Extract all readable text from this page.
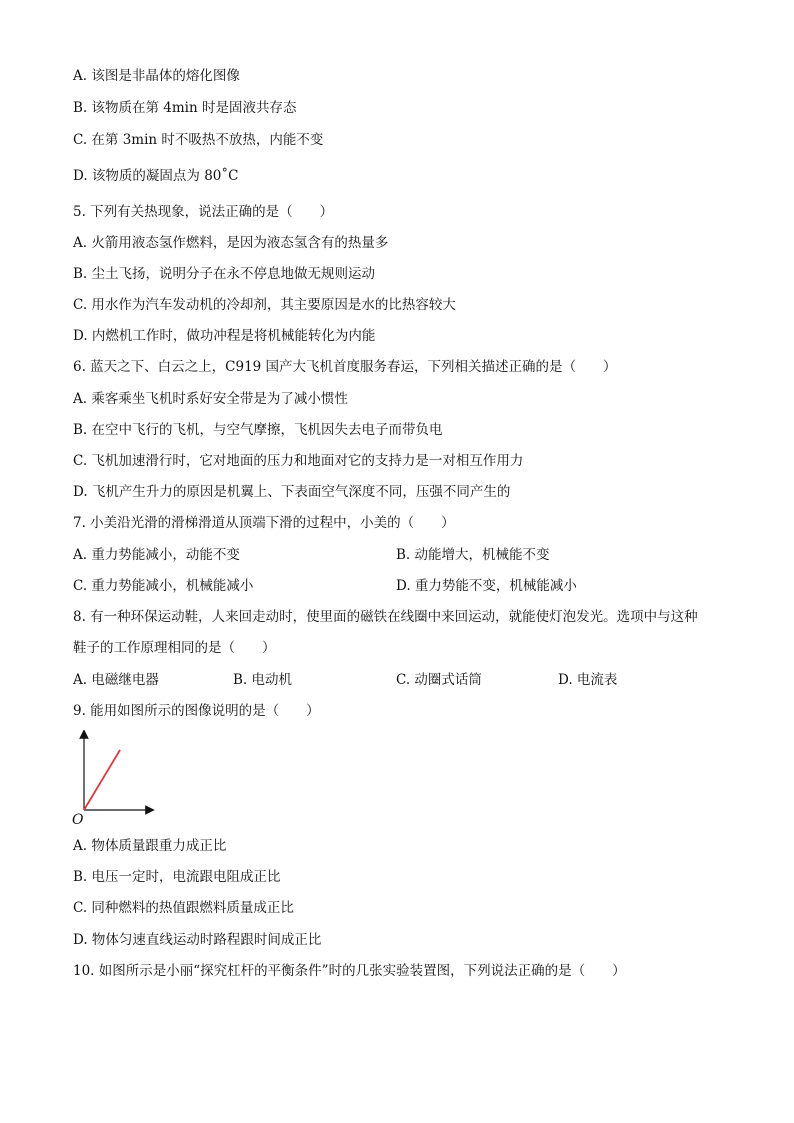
A. 该图是非晶体的熔化图像
B. 该物质在第 4min 时是固液共存态
C. 在第 3min 时不吸热不放热，内能不变
D. 该物质的凝固点为 80˚C
5. 下列有关热现象，说法正确的是（　　）
A. 火箭用液态氢作燃料，是因为液态氢含有的热量多
B. 尘土飞扬，说明分子在永不停息地做无规则运动
C. 用水作为汽车发动机的冷却剂，其主要原因是水的比热容较大
D. 内燃机工作时，做功冲程是将机械能转化为内能
6. 蓝天之下、白云之上，C919 国产大飞机首度服务春运，下列相关描述正确的是（　　）
A. 乘客乘坐飞机时系好安全带是为了减小惯性
B. 在空中飞行的飞机，与空气摩擦，飞机因失去电子而带负电
C. 飞机加速滑行时，它对地面的压力和地面对它的支持力是一对相互作用力
D. 飞机产生升力的原因是机翼上、下表面空气深度不同，压强不同产生的
7. 小美沿光滑的滑梯滑道从顶端下滑的过程中，小美的（　　）
A. 重力势能减小，动能不变	B. 动能增大，机械能不变
C. 重力势能减小，机械能减小	D. 重力势能不变，机械能减小
8. 有一种环保运动鞋，人来回走动时，使里面的磁铁在线圈中来回运动，就能使灯泡发光。选项中与这种
鞋子的工作原理相同的是（　　）
A. 电磁继电器	B. 电动机	C. 动圈式话筒	D. 电流表
9. 能用如图所示的图像说明的是（　　）
O
A. 物体质量跟重力成正比
B. 电压一定时，电流跟电阻成正比
C. 同种燃料的热值跟燃料质量成正比
D. 物体匀速直线运动时路程跟时间成正比
10. 如图所示是小丽“探究杠杆的平衡条件”时的几张实验装置图，下列说法正确的是（　　）
